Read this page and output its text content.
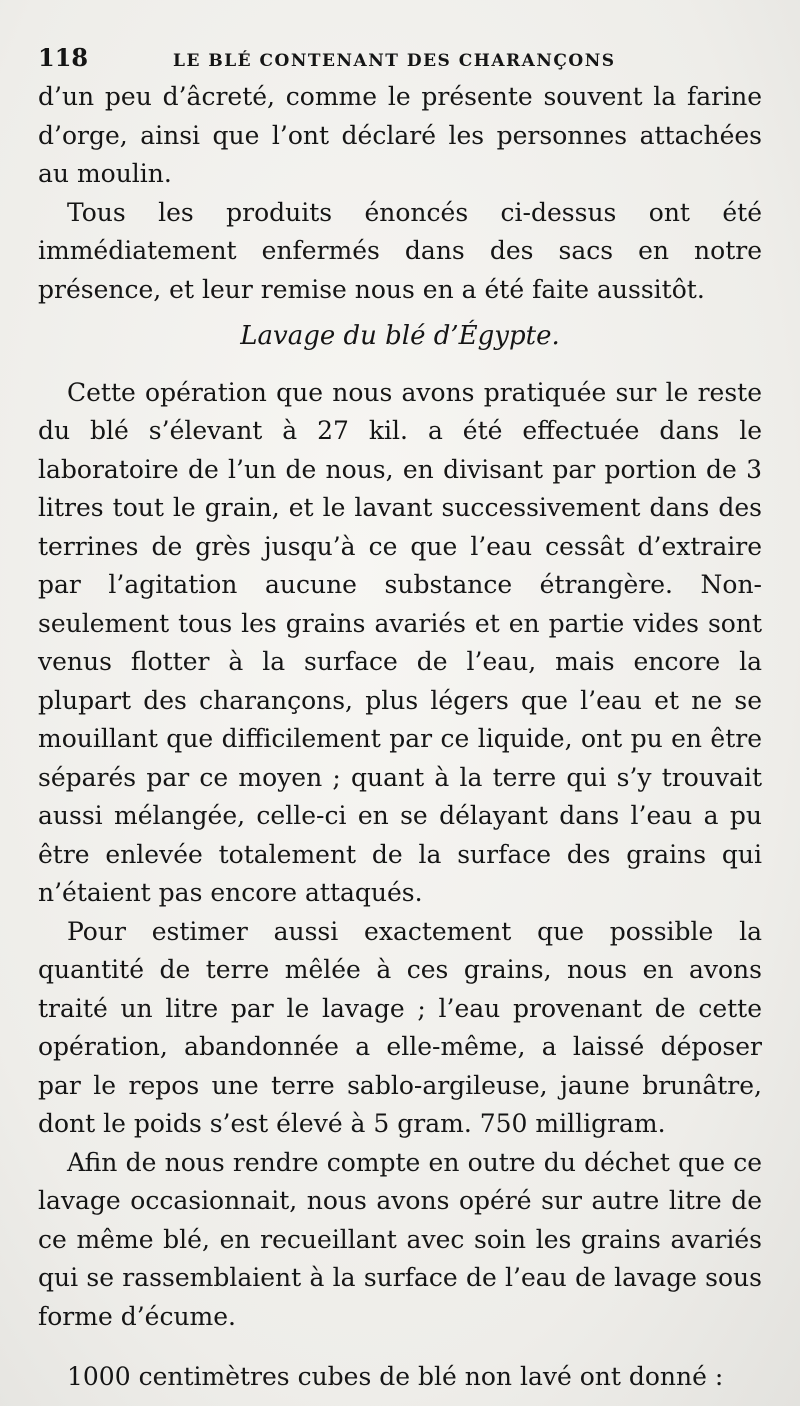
118	LE BLÉ CONTENANT DES CHARANÇONS

d’un peu d’âcreté, comme le présente souvent la farine d’orge, ainsi que l’ont déclaré les personnes attachées au moulin.

Tous les produits énoncés ci-dessus ont été immédiatement enfermés dans des sacs en notre présence, et leur remise nous en a été faite aussitôt.

Lavage du blé d’Égypte.

Cette opération que nous avons pratiquée sur le reste du blé s’élevant à 27 kil. a été effectuée dans le laboratoire de l’un de nous, en divisant par portion de 3 litres tout le grain, et le lavant successivement dans des terrines de grès jusqu’à ce que l’eau cessât d’extraire par l’agitation aucune substance étrangère. Non-seulement tous les grains avariés et en partie vides sont venus flotter à la surface de l’eau, mais encore la plupart des charançons, plus légers que l’eau et ne se mouillant que difficilement par ce liquide, ont pu en être séparés par ce moyen ; quant à la terre qui s’y trouvait aussi mélangée, celle-ci en se délayant dans l’eau a pu être enlevée totalement de la surface des grains qui n’étaient pas encore attaqués.

Pour estimer aussi exactement que possible la quantité de terre mêlée à ces grains, nous en avons traité un litre par le lavage ; l’eau provenant de cette opération, abandonnée a elle-même, a laissé déposer par le repos une terre sablo-argileuse, jaune brunâtre, dont le poids s’est élevé à 5 gram. 750 milligram.

Afin de nous rendre compte en outre du déchet que ce lavage occasionnait, nous avons opéré sur autre litre de ce même blé, en recueillant avec soin les grains avariés qui se rassemblaient à la surface de l’eau de lavage sous forme d’écume.

1000 centimètres cubes de blé non lavé ont donné :
